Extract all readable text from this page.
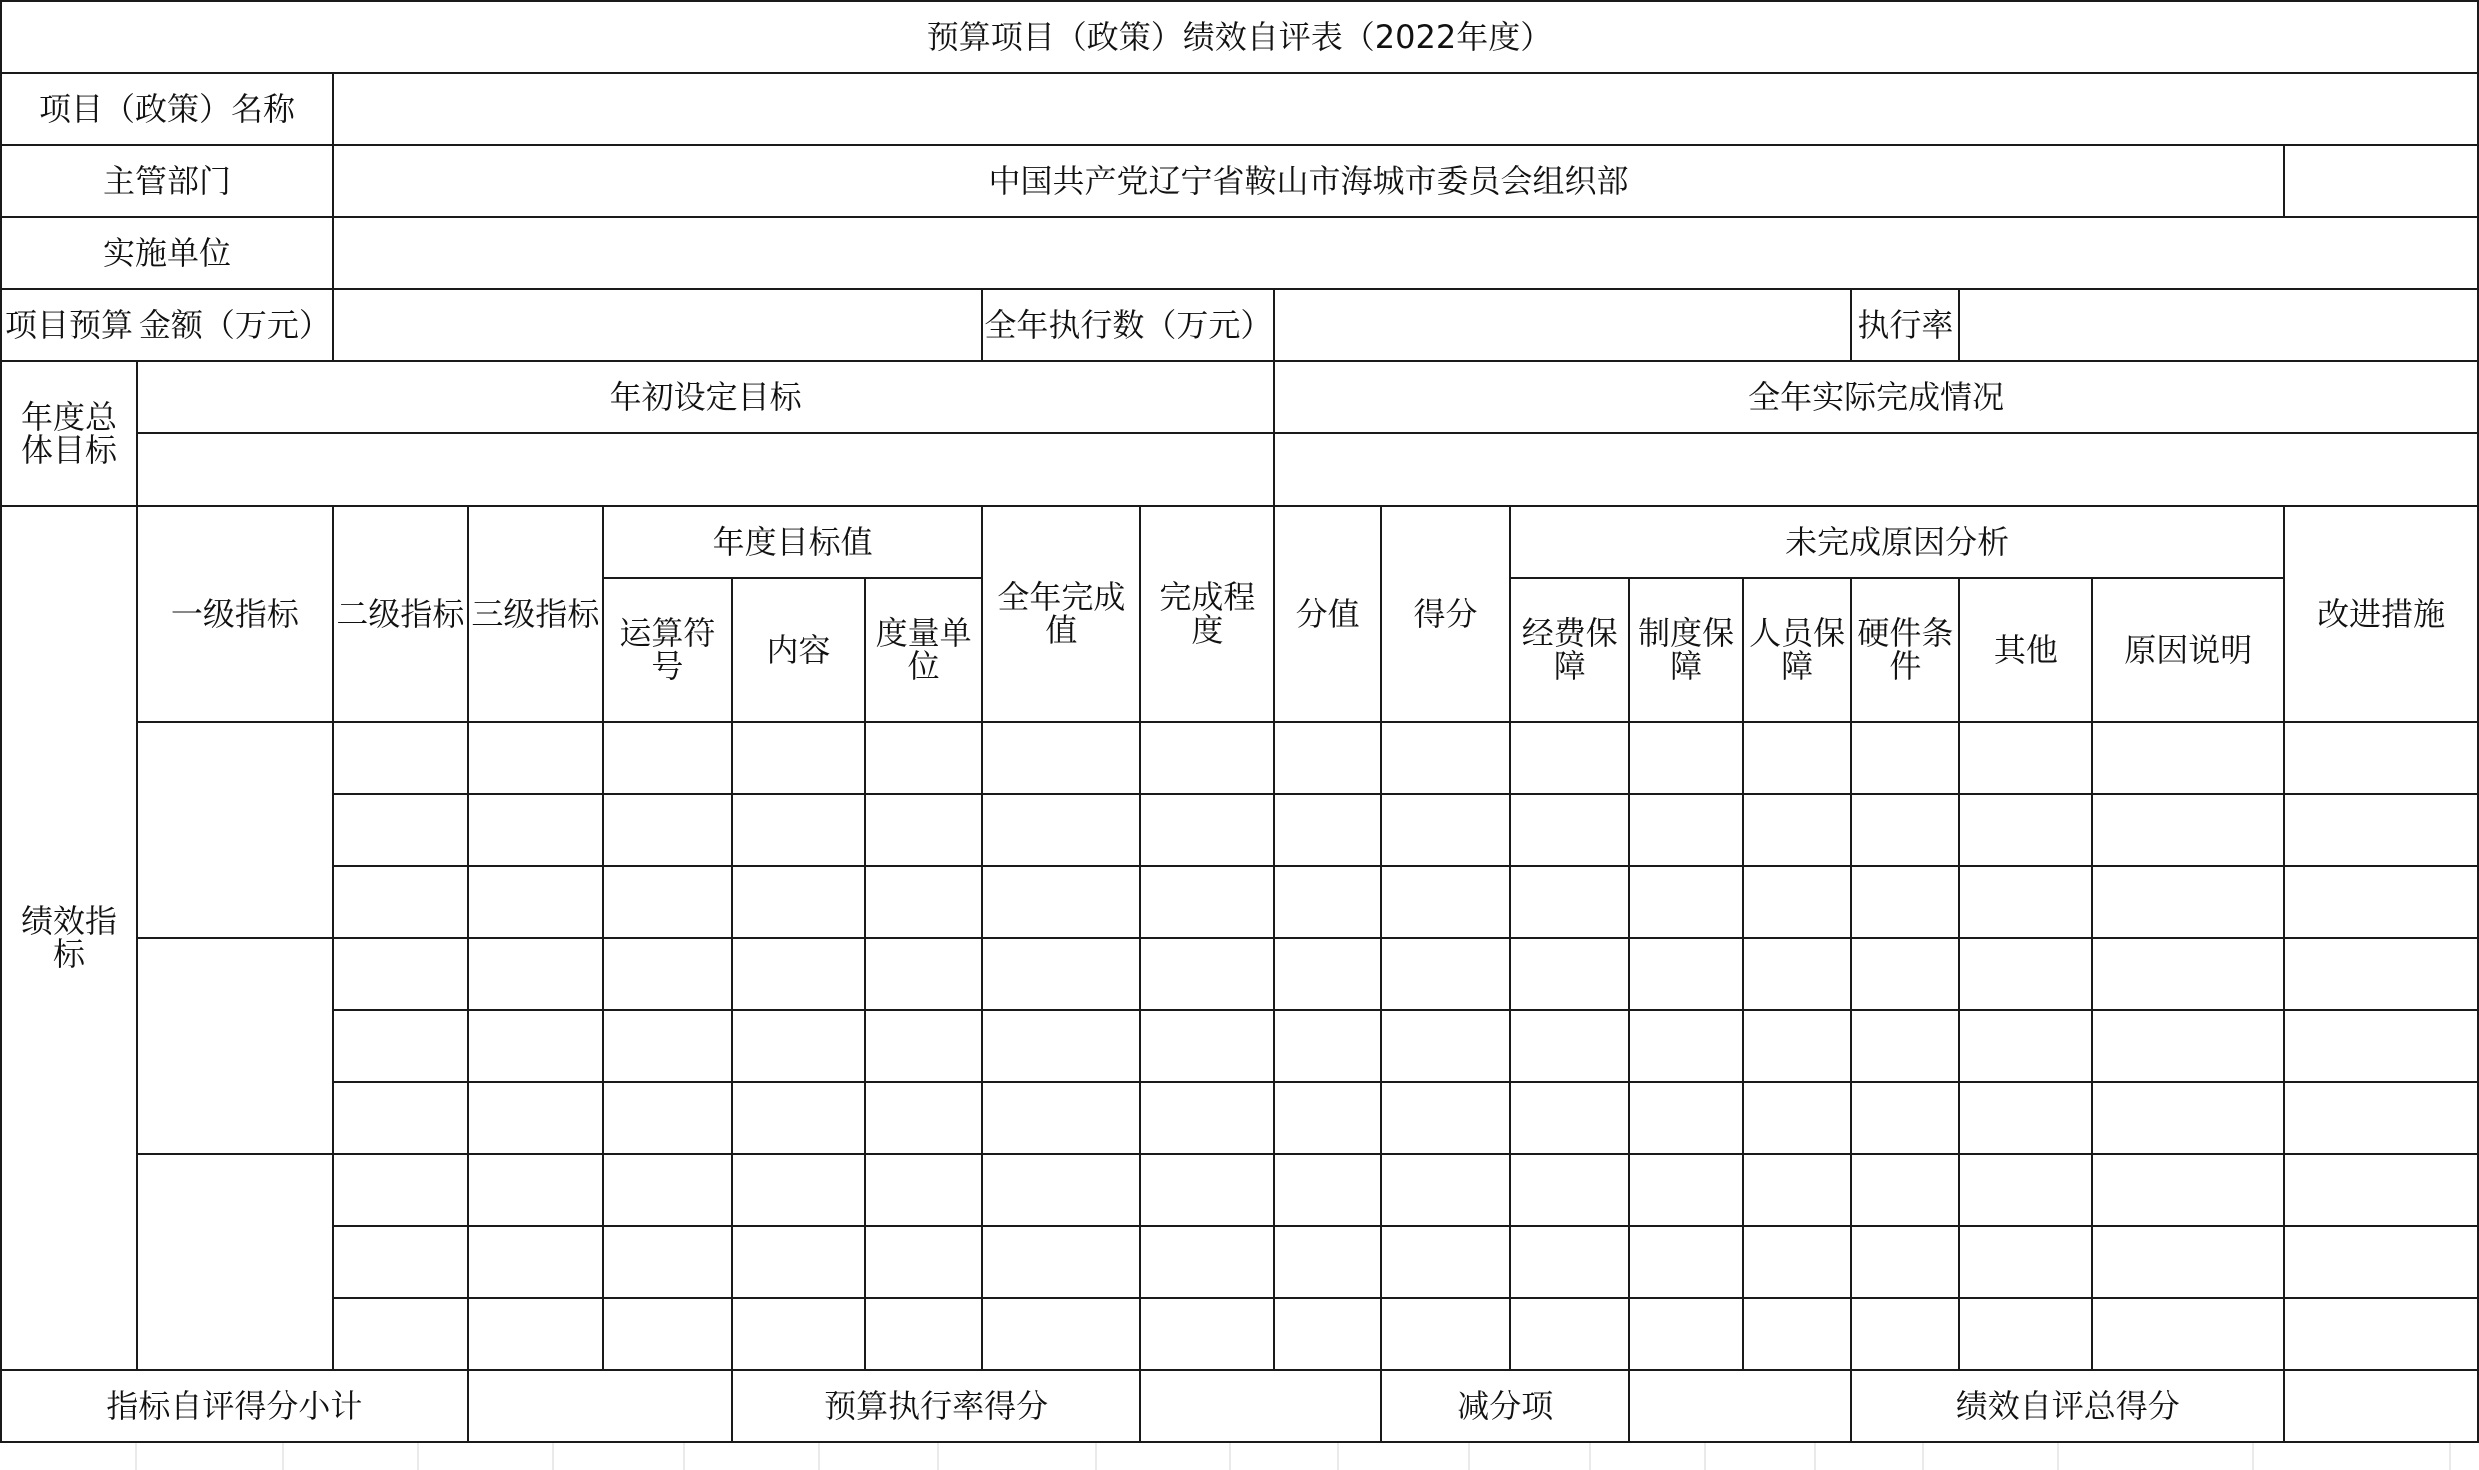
预算项目（政策）绩效自评表（2022年度）																	
项目（政策）名称																	
主管部门		中国共产党辽宁省鞍山市海城市委员会组织部															
实施单位																	
项目预算	金额（万元）						全年执行数（万元）							执行率			
年度总体目标	年初设定目标								全年实际完成情况								

绩效指标	一级指标	二级指标	三级指标	年度目标值			全年完成值	完成程度	分值	得分	未完成原因分析						改进措施
				运算符号	内容	度量单位					经费保障	制度保障	人员保障	硬件条件	其他	原因说明	

指标自评得分小计					预算执行率得分					减分项				绩效自评总得分			
